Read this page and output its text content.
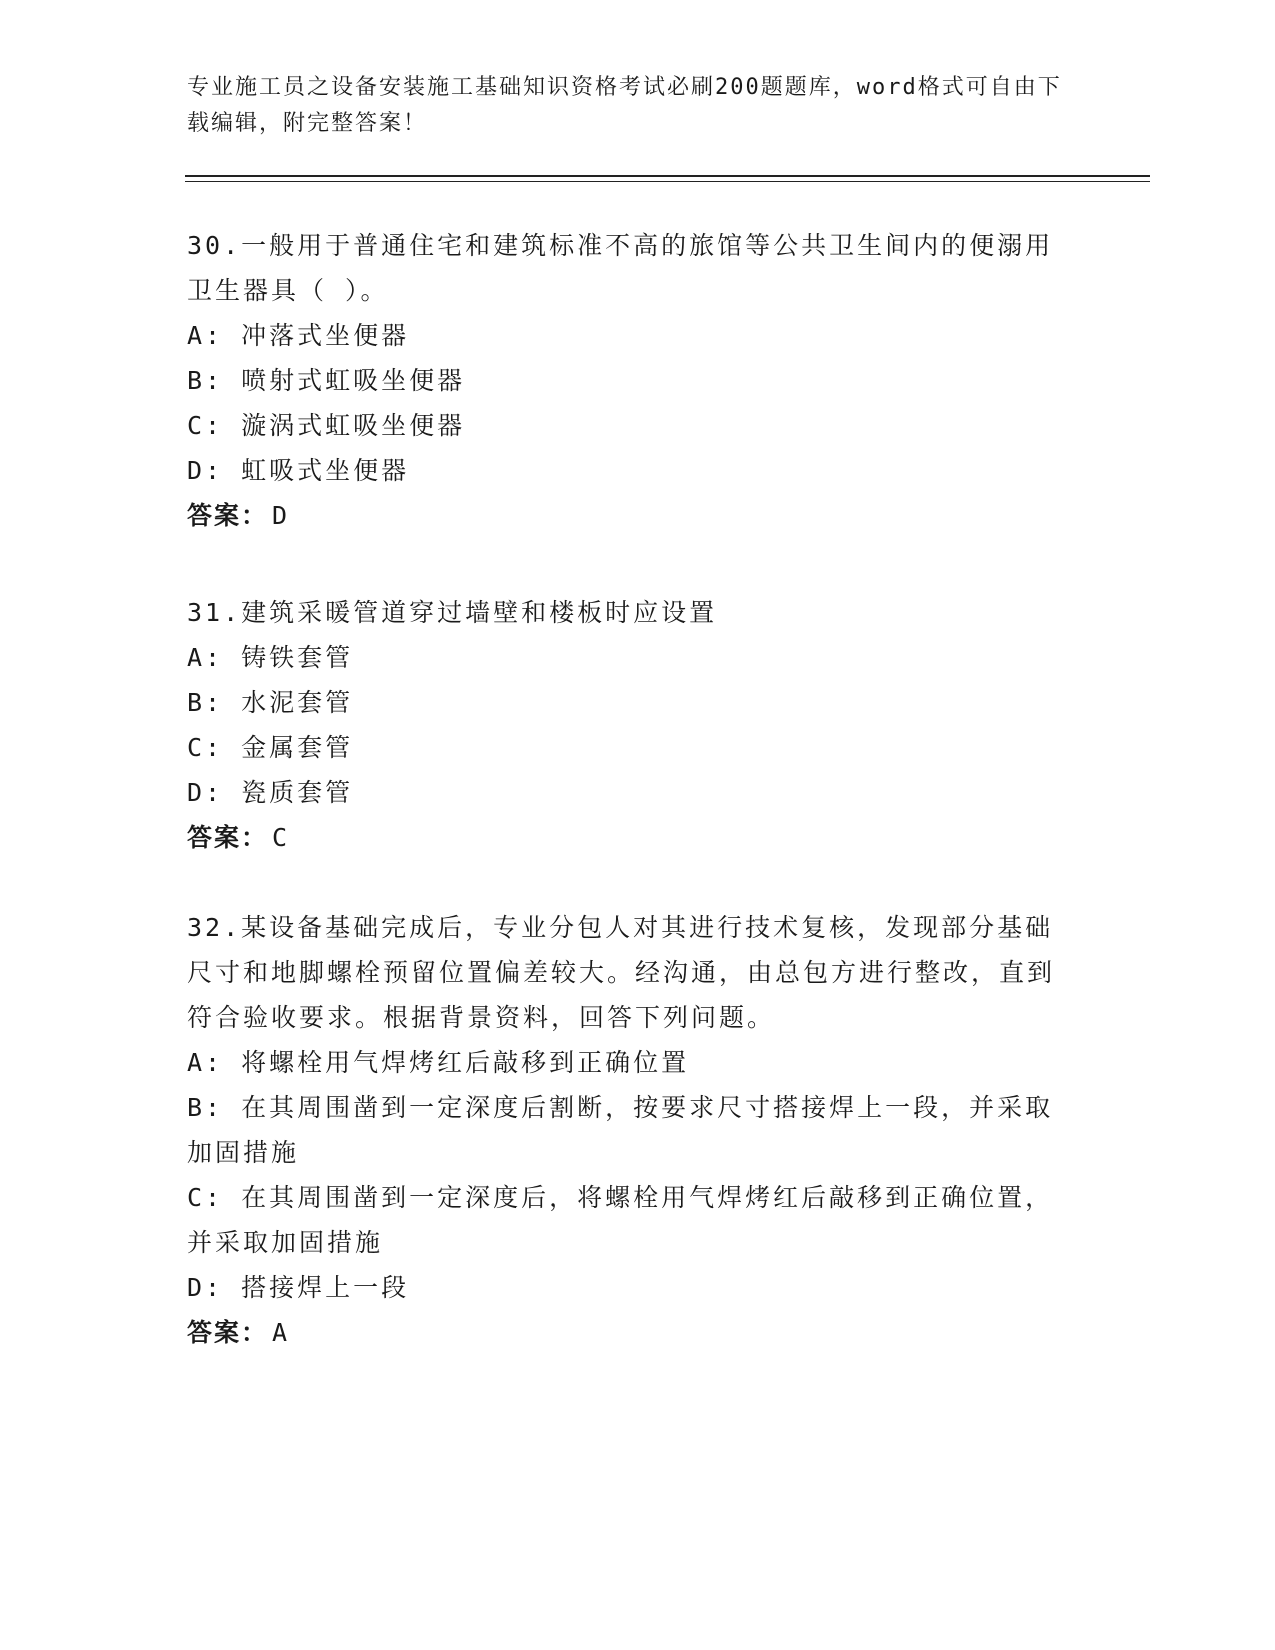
专业施工员之设备安装施工基础知识资格考试必刷200题题库，word格式可自由下载编辑，附完整答案！
30.一般用于普通住宅和建筑标准不高的旅馆等公共卫生间内的便溺用卫生器具（ ）。
A: 冲落式坐便器
B: 喷射式虹吸坐便器
C: 漩涡式虹吸坐便器
D: 虹吸式坐便器
答案： D
31.建筑采暖管道穿过墙壁和楼板时应设置
A: 铸铁套管
B: 水泥套管
C: 金属套管
D: 瓷质套管
答案： C
32.某设备基础完成后，专业分包人对其进行技术复核，发现部分基础尺寸和地脚螺栓预留位置偏差较大。经沟通，由总包方进行整改，直到符合验收要求。根据背景资料，回答下列问题。
A: 将螺栓用气焊烤红后敲移到正确位置
B: 在其周围凿到一定深度后割断，按要求尺寸搭接焊上一段，并采取加固措施
C: 在其周围凿到一定深度后，将螺栓用气焊烤红后敲移到正确位置，并采取加固措施
D: 搭接焊上一段
答案： A
